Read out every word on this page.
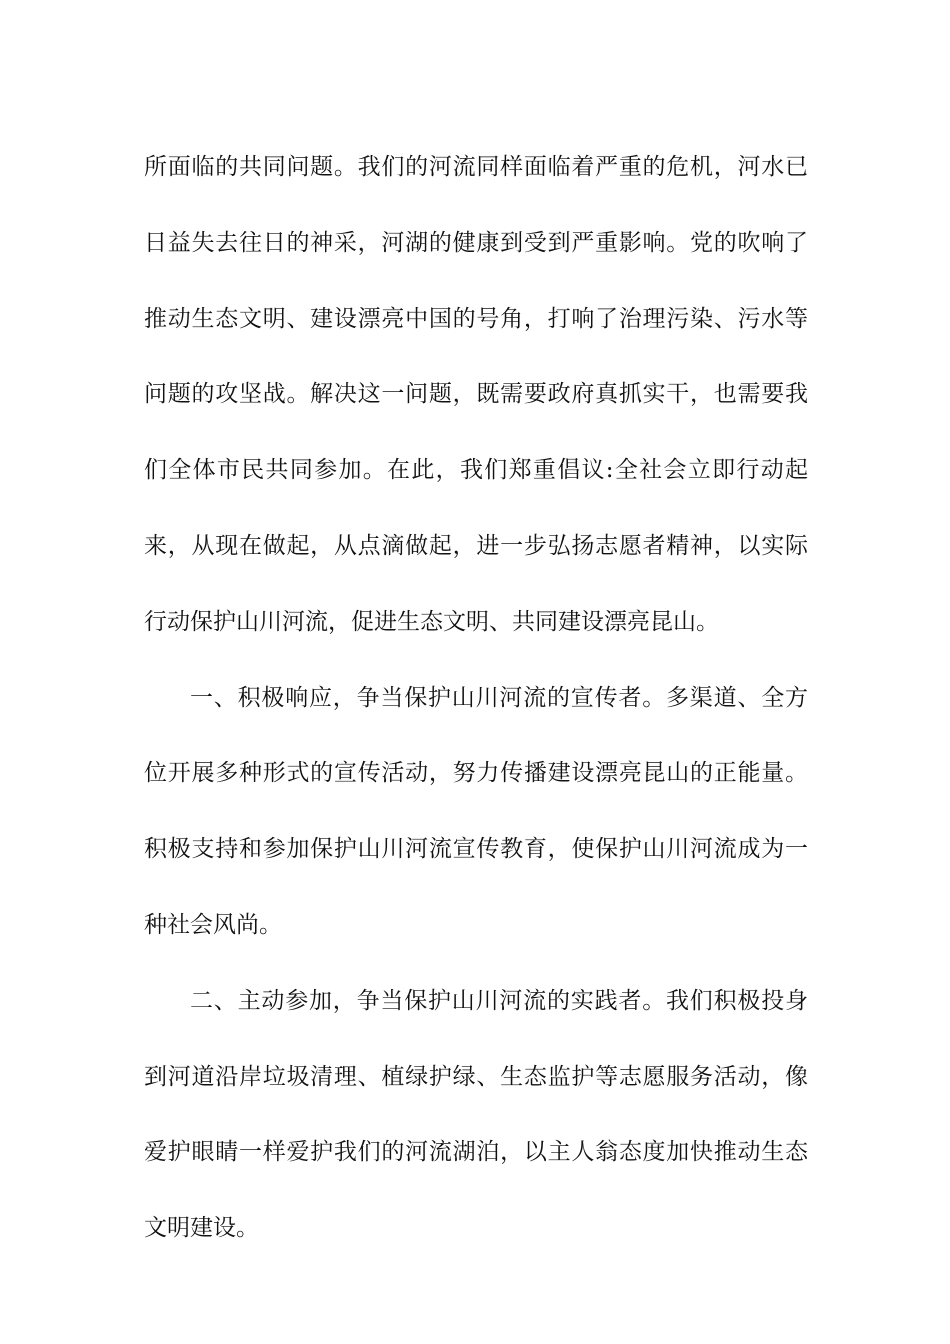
所面临的共同问题。我们的河流同样面临着严重的危机，河水已日益失去往日的神采，河湖的健康到受到严重影响。党的吹响了推动生态文明、建设漂亮中国的号角，打响了治理污染、污水等问题的攻坚战。解决这一问题，既需要政府真抓实干，也需要我们全体市民共同参加。在此，我们郑重倡议:全社会立即行动起来，从现在做起，从点滴做起，进一步弘扬志愿者精神，以实际行动保护山川河流，促进生态文明、共同建设漂亮昆山。

一、积极响应，争当保护山川河流的宣传者。多渠道、全方位开展多种形式的宣传活动，努力传播建设漂亮昆山的正能量。积极支持和参加保护山川河流宣传教育，使保护山川河流成为一种社会风尚。

二、主动参加，争当保护山川河流的实践者。我们积极投身到河道沿岸垃圾清理、植绿护绿、生态监护等志愿服务活动，像爱护眼睛一样爱护我们的河流湖泊，以主人翁态度加快推动生态文明建设。
